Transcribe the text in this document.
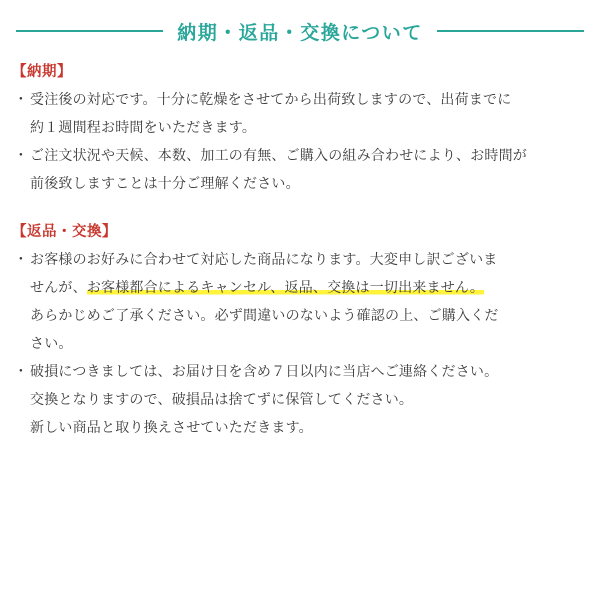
納期・返品・交換について
【納期】
・ 受注後の対応です。十分に乾燥をさせてから出荷致しますので、出荷までに
約１週間程お時間をいただきます。
・ ご注文状況や天候、本数、加工の有無、ご購入の組み合わせにより、お時間が
前後致しますことは十分ご理解ください。
【返品・交換】
・ お客様のお好みに合わせて対応した商品になります。大変申し訳ございま
せんが、お客様都合によるキャンセル、返品、交換は一切出来ません。
あらかじめご了承ください。必ず間違いのないよう確認の上、ご購入くだ
さい。
・ 破損につきましては、お届け日を含め７日以内に当店へご連絡ください。
交換となりますので、破損品は捨てずに保管してください。
新しい商品と取り換えさせていただきます。
